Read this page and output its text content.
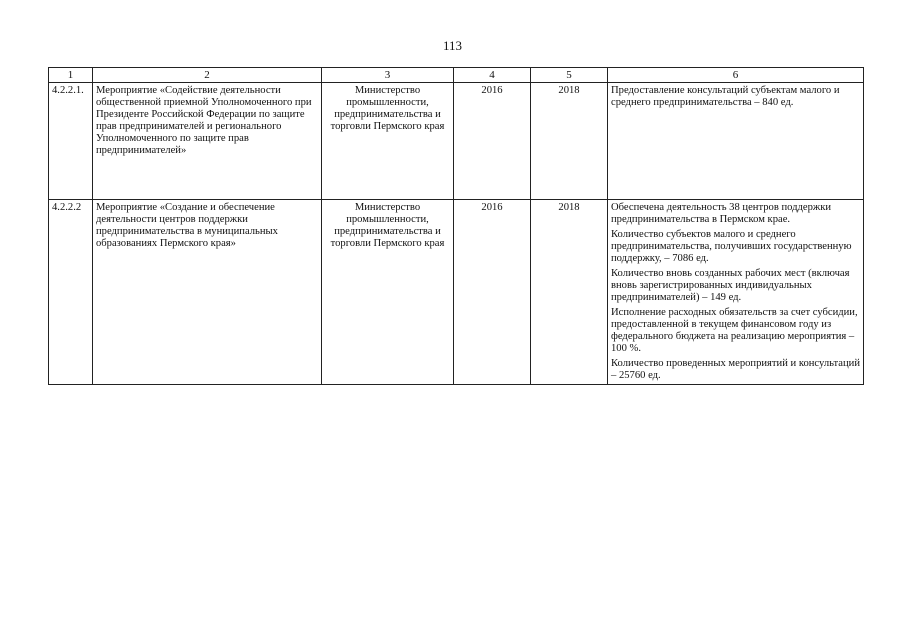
113
1	2	3	4	5	6
4.2.2.1.	Мероприятие «Содействие деятельности общественной приемной Уполномоченного при Президенте Российской Федерации по защите прав предпринимателей и регионального Уполномоченного по защите прав предпринимателей»	Министерство промышленности, предпринимательства и торговли Пермского края	2016	2018	Предоставление консультаций субъектам малого и среднего предпринимательства – 840 ед.

4.2.2.2	Мероприятие «Создание и обеспечение деятельности центров поддержки предпринимательства в муниципальных образованиях Пермского края»	Министерство промышленности, предпринимательства и торговли Пермского края	2016	2018	Обеспечена деятельность 38 центров поддержки предпринимательства в Пермском крае.
Количество субъектов малого и среднего предпринимательства, получивших государственную поддержку, – 7086 ед.
Количество вновь созданных рабочих мест (включая вновь зарегистрированных индивидуальных предпринимателей) – 149 ед.
Исполнение расходных обязательств за счет субсидии, предоставленной в текущем финансовом году из федерального бюджета на реализацию мероприятия – 100 %.
Количество проведенных мероприятий и консультаций – 25760 ед.
